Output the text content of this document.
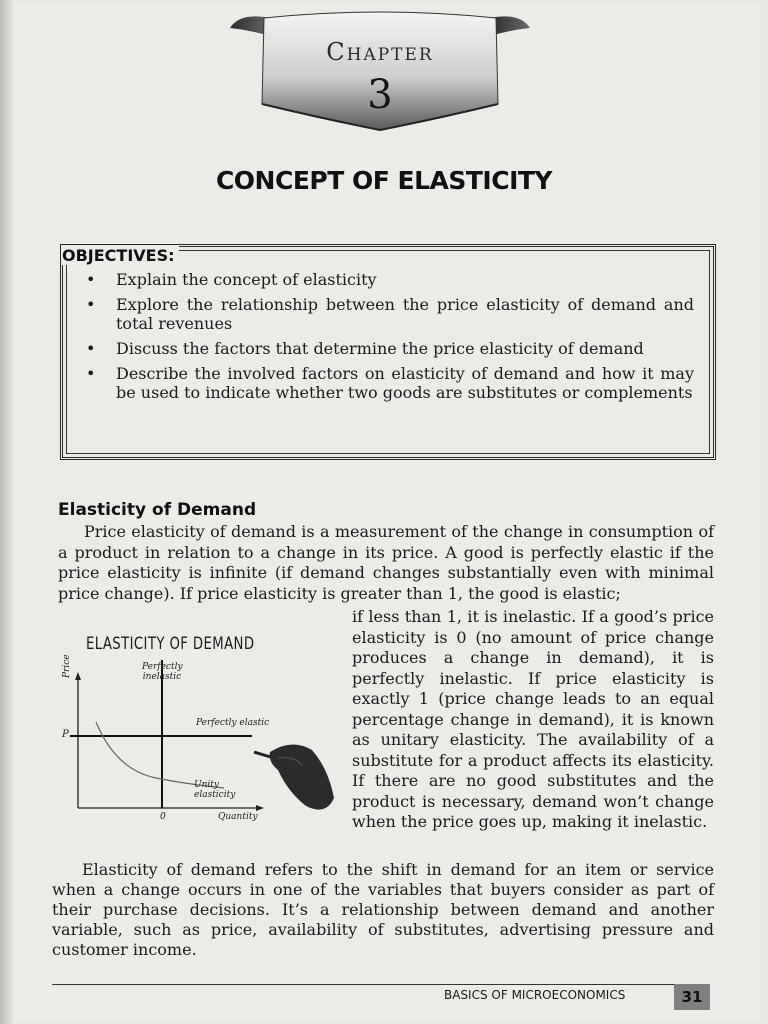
Chapter
3
CONCEPT OF ELASTICITY
OBJECTIVES:
• Explain the concept of elasticity
• Explore the relationship between the price elasticity of demand and total revenues
• Discuss the factors that determine the price elasticity of demand
• Describe the involved factors on elasticity of demand and how it may be used to indicate whether two goods are substitutes or complements
Elasticity of Demand

Price elasticity of demand is a measurement of the change in consumption of a product in relation to a change in its price. A good is perfectly elastic if the price elasticity is infinite (if demand changes substantially even with minimal price change). If price elasticity is greater than 1, the good is elastic;

if less than 1, it is inelastic. If a good’s price elasticity is 0 (no amount of price change produces a change in demand), it is perfectly inelastic. If price elasticity is exactly 1 (price change leads to an equal percentage change in demand), it is known as unitary elasticity. The availability of a substitute for a product affects its elasticity. If there are no good substitutes and the product is necessary, demand won’t change when the price goes up, making it inelastic.

ELASTICITY OF DEMAND
Price
P
0	Quantity
Perfectly inelastic
Perfectly elastic
Unity elasticity

Elasticity of demand refers to the shift in demand for an item or service when a change occurs in one of the variables that buyers consider as part of their purchase decisions. It’s a relationship between demand and another variable, such as price, availability of substitutes, advertising pressure and customer income.

BASICS OF MICROECONOMICS	31
